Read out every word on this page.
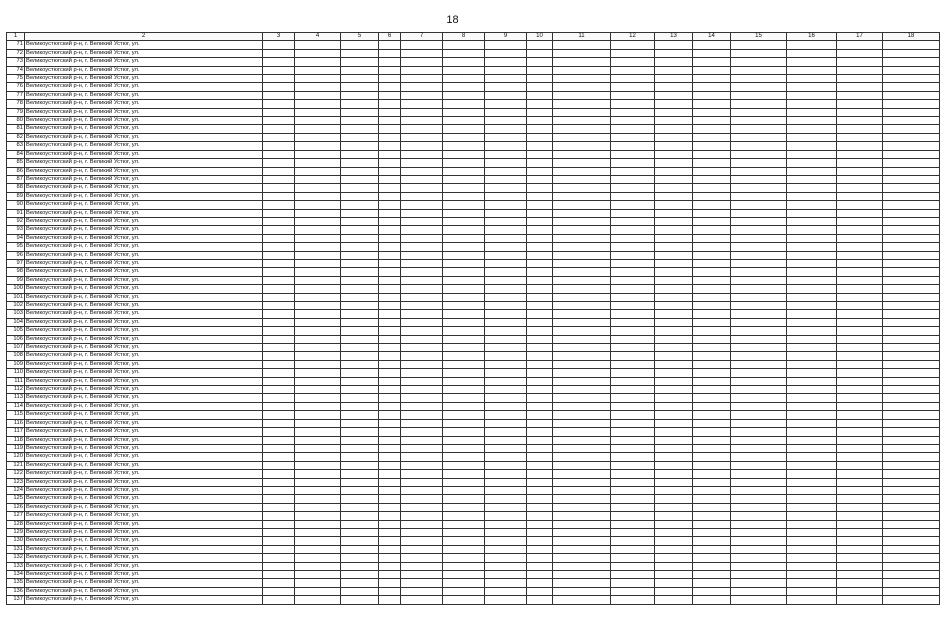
18
1	2	3	4	5	6	7	8	9	10	11	12	13	14	15	16	17	18
71	Великоустюгский р-н, г. Великий Устюг, ул.																
72	Великоустюгский р-н, г. Великий Устюг, ул.																
73	Великоустюгский р-н, г. Великий Устюг, ул.																
74	Великоустюгский р-н, г. Великий Устюг, ул.																
75	Великоустюгский р-н, г. Великий Устюг, ул.																
76	Великоустюгский р-н, г. Великий Устюг, ул.																
77	Великоустюгский р-н, г. Великий Устюг, ул.																
78	Великоустюгский р-н, г. Великий Устюг, ул.																
79	Великоустюгский р-н, г. Великий Устюг, ул.																
80	Великоустюгский р-н, г. Великий Устюг, ул.																
81	Великоустюгский р-н, г. Великий Устюг, ул.																
82	Великоустюгский р-н, г. Великий Устюг, ул.																
83	Великоустюгский р-н, г. Великий Устюг, ул.																
84	Великоустюгский р-н, г. Великий Устюг, ул.																
85	Великоустюгский р-н, г. Великий Устюг, ул.																
86	Великоустюгский р-н, г. Великий Устюг, ул.																
87	Великоустюгский р-н, г. Великий Устюг, ул.																
88	Великоустюгский р-н, г. Великий Устюг, ул.																
89	Великоустюгский р-н, г. Великий Устюг, ул.																
90	Великоустюгский р-н, г. Великий Устюг, ул.																
91	Великоустюгский р-н, г. Великий Устюг, ул.																
92	Великоустюгский р-н, г. Великий Устюг, ул.																
93	Великоустюгский р-н, г. Великий Устюг, ул.																
94	Великоустюгский р-н, г. Великий Устюг, ул.																
95	Великоустюгский р-н, г. Великий Устюг, ул.																
96	Великоустюгский р-н, г. Великий Устюг, ул.																
97	Великоустюгский р-н, г. Великий Устюг, ул.																
98	Великоустюгский р-н, г. Великий Устюг, ул.																
99	Великоустюгский р-н, г. Великий Устюг, ул.																
100	Великоустюгский р-н, г. Великий Устюг, ул.																
101	Великоустюгский р-н, г. Великий Устюг, ул.																
102	Великоустюгский р-н, г. Великий Устюг, ул.																
103	Великоустюгский р-н, г. Великий Устюг, ул.																
104	Великоустюгский р-н, г. Великий Устюг, ул.																
105	Великоустюгский р-н, г. Великий Устюг, ул.																
106	Великоустюгский р-н, г. Великий Устюг, ул.																
107	Великоустюгский р-н, г. Великий Устюг, ул.																
108	Великоустюгский р-н, г. Великий Устюг, ул.																
109	Великоустюгский р-н, г. Великий Устюг, ул.																
110	Великоустюгский р-н, г. Великий Устюг, ул.																
111	Великоустюгский р-н, г. Великий Устюг, ул.																
112	Великоустюгский р-н, г. Великий Устюг, ул.																
113	Великоустюгский р-н, г. Великий Устюг, ул.																
114	Великоустюгский р-н, г. Великий Устюг, ул.																
115	Великоустюгский р-н, г. Великий Устюг, ул.																
116	Великоустюгский р-н, г. Великий Устюг, ул.																
117	Великоустюгский р-н, г. Великий Устюг, ул.																
118	Великоустюгский р-н, г. Великий Устюг, ул.																
119	Великоустюгский р-н, г. Великий Устюг, ул.																
120	Великоустюгский р-н, г. Великий Устюг, ул.																
121	Великоустюгский р-н, г. Великий Устюг, ул.																
122	Великоустюгский р-н, г. Великий Устюг, ул.																
123	Великоустюгский р-н, г. Великий Устюг, ул.																
124	Великоустюгский р-н, г. Великий Устюг, ул.																
125	Великоустюгский р-н, г. Великий Устюг, ул.																
126	Великоустюгский р-н, г. Великий Устюг, ул.																
127	Великоустюгский р-н, г. Великий Устюг, ул.																
128	Великоустюгский р-н, г. Великий Устюг, ул.																
129	Великоустюгский р-н, г. Великий Устюг, ул.																
130	Великоустюгский р-н, г. Великий Устюг, ул.																
131	Великоустюгский р-н, г. Великий Устюг, ул.																
132	Великоустюгский р-н, г. Великий Устюг, ул.																
133	Великоустюгский р-н, г. Великий Устюг, ул.																
134	Великоустюгский р-н, г. Великий Устюг, ул.																
135	Великоустюгский р-н, г. Великий Устюг, ул.																
136	Великоустюгский р-н, г. Великий Устюг, ул.																
137	Великоустюгский р-н, г. Великий Устюг, ул.																
